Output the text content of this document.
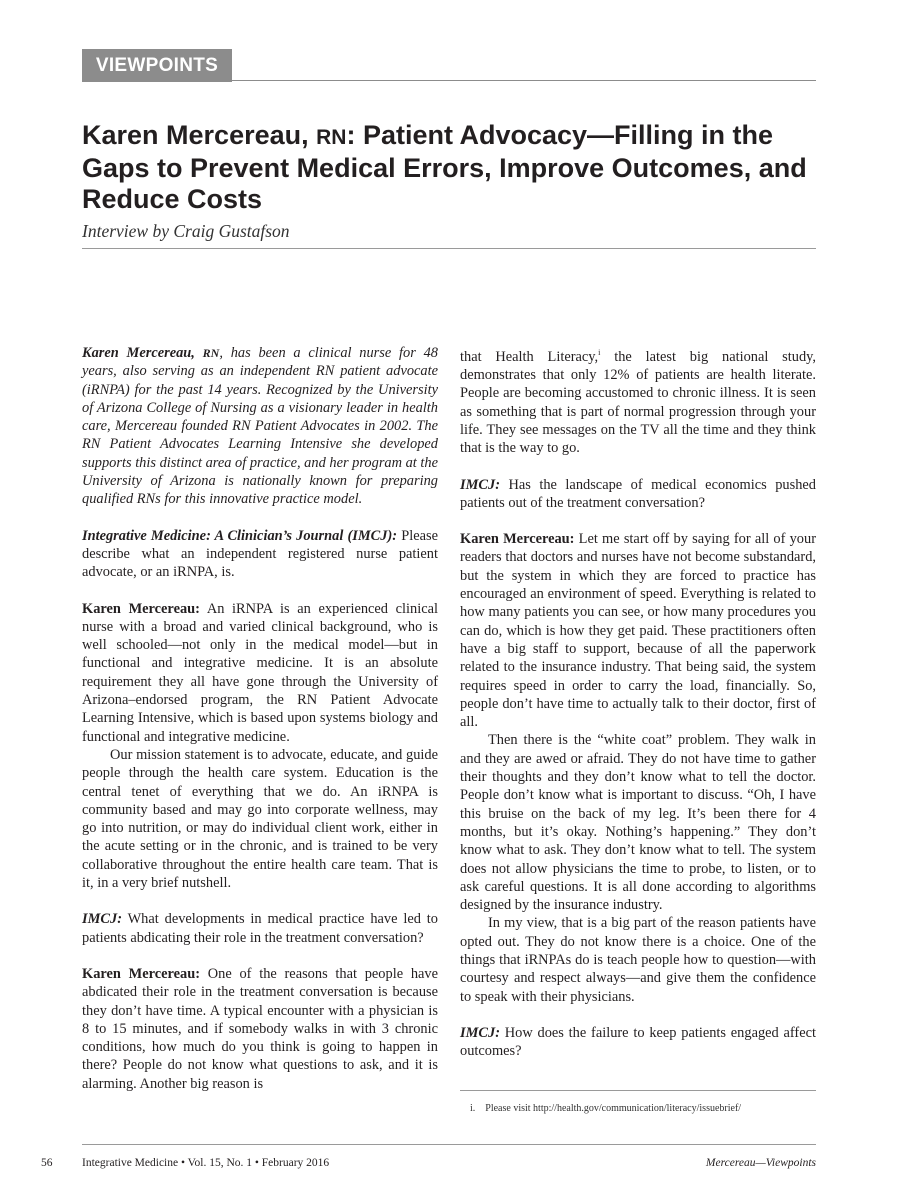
VIEWPOINTS
Karen Mercereau, RN: Patient Advocacy—Filling in the Gaps to Prevent Medical Errors, Improve Outcomes, and Reduce Costs
Interview by Craig Gustafson

Karen Mercereau, RN, has been a clinical nurse for 48 years, also serving as an independent RN patient advocate (iRNPA) for the past 14 years. Recognized by the University of Arizona College of Nursing as a visionary leader in health care, Mercereau founded RN Patient Advocates in 2002. The RN Patient Advocates Learning Intensive she developed supports this distinct area of practice, and her program at the University of Arizona is nationally known for preparing qualified RNs for this innovative practice model.

Integrative Medicine: A Clinician’s Journal (IMCJ): Please describe what an independent registered nurse patient advocate, or an iRNPA, is.

Karen Mercereau: An iRNPA is an experienced clinical nurse with a broad and varied clinical background, who is well schooled—not only in the medical model—but in functional and integrative medicine. It is an absolute requirement they all have gone through the University of Arizona–endorsed program, the RN Patient Advocate Learning Intensive, which is based upon systems biology and functional and integrative medicine.

Our mission statement is to advocate, educate, and guide people through the health care system. Education is the central tenet of everything that we do. An iRNPA is community based and may go into corporate wellness, may go into nutrition, or may do individual client work, either in the acute setting or in the chronic, and is trained to be very collaborative throughout the entire health care team. That is it, in a very brief nutshell.

IMCJ: What developments in medical practice have led to patients abdicating their role in the treatment conversation?

Karen Mercereau: One of the reasons that people have abdicated their role in the treatment conversation is because they don’t have time. A typical encounter with a physician is 8 to 15 minutes, and if somebody walks in with 3 chronic conditions, how much do you think is going to happen in there? People do not know what questions to ask, and it is alarming. Another big reason is

that Health Literacy,$^i$ the latest big national study, demonstrates that only 12% of patients are health literate. People are becoming accustomed to chronic illness. It is seen as something that is part of normal progression through your life. They see messages on the TV all the time and they think that is the way to go.

IMCJ: Has the landscape of medical economics pushed patients out of the treatment conversation?

Karen Mercereau: Let me start off by saying for all of your readers that doctors and nurses have not become substandard, but the system in which they are forced to practice has encouraged an environment of speed. Everything is related to how many patients you can see, or how many procedures you can do, which is how they get paid. These practitioners often have a big staff to support, because of all the paperwork related to the insurance industry. That being said, the system requires speed in order to carry the load, financially. So, people don’t have time to actually talk to their doctor, first of all.

Then there is the “white coat” problem. They walk in and they are awed or afraid. They do not have time to gather their thoughts and they don’t know what to tell the doctor. People don’t know what is important to discuss. “Oh, I have this bruise on the back of my leg. It’s been there for 4 months, but it’s okay. Nothing’s happening.” They don’t know what to ask. They don’t know what to tell. The system does not allow physicians the time to probe, to listen, or to ask careful questions. It is all done according to algorithms designed by the insurance industry.

In my view, that is a big part of the reason patients have opted out. They do not know there is a choice. One of the things that iRNPAs do is teach people how to question—with courtesy and respect always—and give them the confidence to speak with their physicians.

IMCJ: How does the failure to keep patients engaged affect outcomes?

i. Please visit http://health.gov/communication/literacy/issuebrief/
56	Integrative Medicine • Vol. 15, No. 1 • February 2016	Mercereau—Viewpoints
